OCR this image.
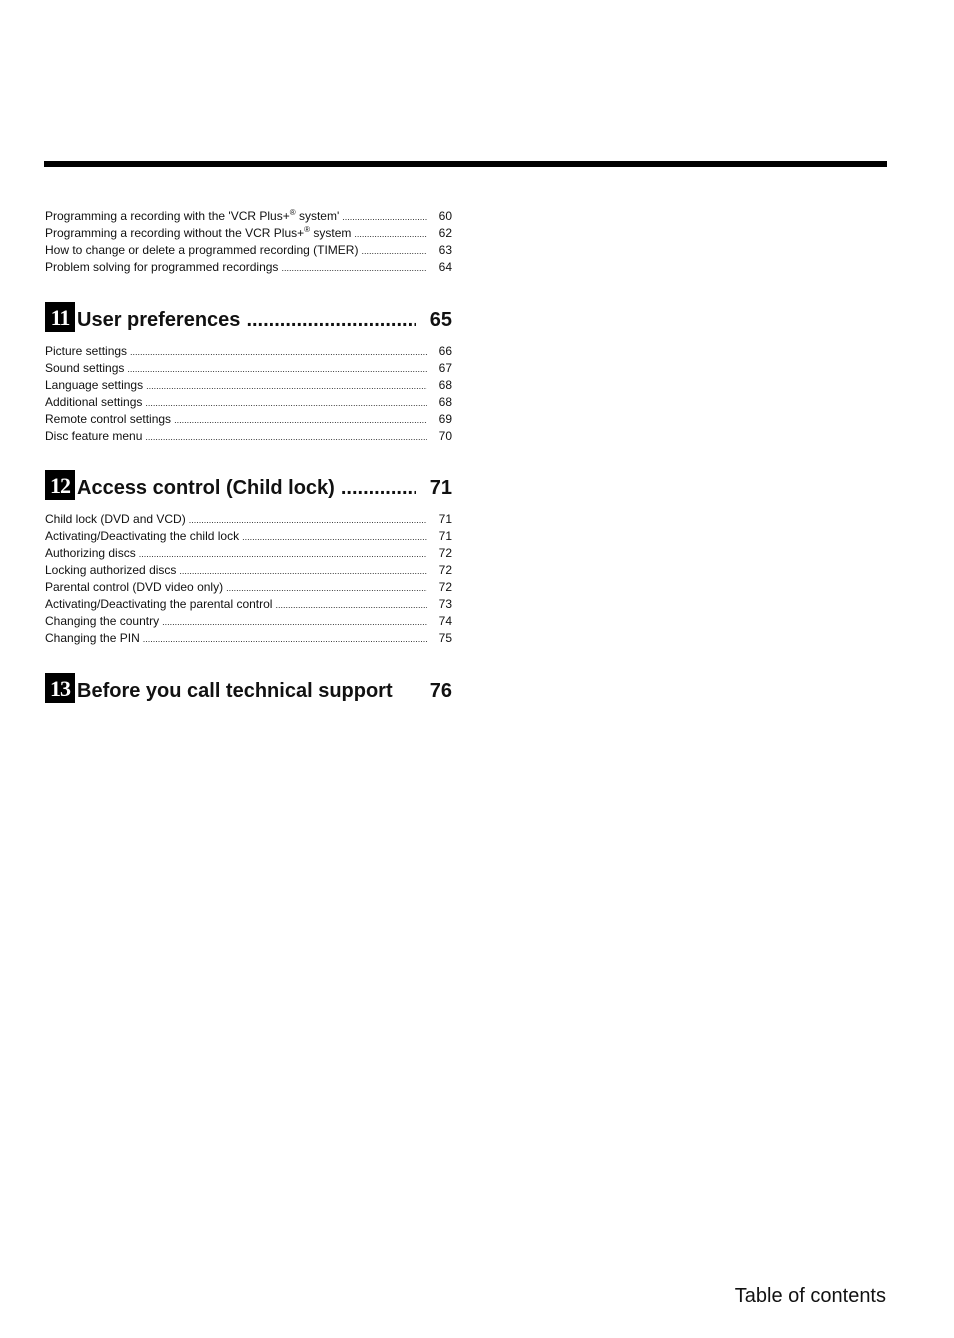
Programming a recording with the 'VCR Plus+® system' .....	60
Programming a recording without the VCR Plus+® system .....	62
How to change or delete a programmed recording (TIMER) .....	63
Problem solving for programmed recordings .....	64
11 User preferences .....	65
Picture settings .....	66
Sound settings .....	67
Language settings .....	68
Additional settings .....	68
Remote control settings .....	69
Disc feature menu .....	70
12 Access control (Child lock) .....	71
Child lock (DVD and VCD) .....	71
Activating/Deactivating the child lock .....	71
Authorizing discs .....	72
Locking authorized discs .....	72
Parental control (DVD video only) .....	72
Activating/Deactivating the parental control .....	73
Changing the country .....	74
Changing the PIN .....	75
13 Before you call technical support 76
Table of contents
